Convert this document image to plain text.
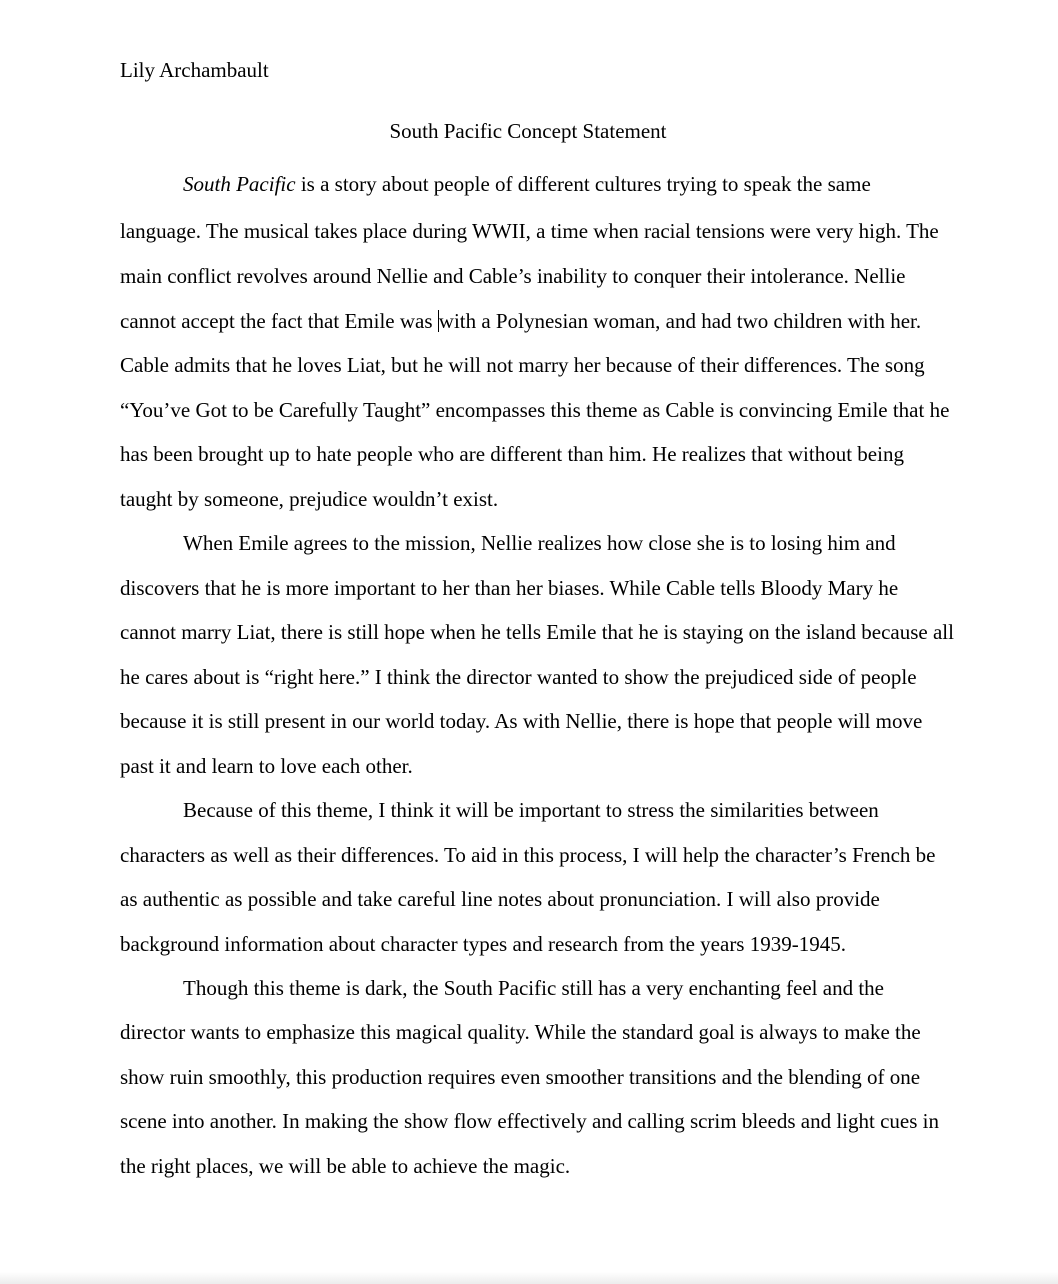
Lily Archambault
South Pacific Concept Statement
South Pacific is a story about people of different cultures trying to speak the same
language. The musical takes place during WWII, a time when racial tensions were very high. The
main conflict revolves around Nellie and Cable’s inability to conquer their intolerance. Nellie
cannot accept the fact that Emile was with a Polynesian woman, and had two children with her.
Cable admits that he loves Liat, but he will not marry her because of their differences. The song
“You’ve Got to be Carefully Taught” encompasses this theme as Cable is convincing Emile that he
has been brought up to hate people who are different than him. He realizes that without being
taught by someone, prejudice wouldn’t exist.
When Emile agrees to the mission, Nellie realizes how close she is to losing him and
discovers that he is more important to her than her biases. While Cable tells Bloody Mary he
cannot marry Liat, there is still hope when he tells Emile that he is staying on the island because all
he cares about is “right here.” I think the director wanted to show the prejudiced side of people
because it is still present in our world today. As with Nellie, there is hope that people will move
past it and learn to love each other.
Because of this theme, I think it will be important to stress the similarities between
characters as well as their differences. To aid in this process, I will help the character’s French be
as authentic as possible and take careful line notes about pronunciation. I will also provide
background information about character types and research from the years 1939-1945.
Though this theme is dark, the South Pacific still has a very enchanting feel and the
director wants to emphasize this magical quality. While the standard goal is always to make the
show ruin smoothly, this production requires even smoother transitions and the blending of one
scene into another. In making the show flow effectively and calling scrim bleeds and light cues in
the right places, we will be able to achieve the magic.
